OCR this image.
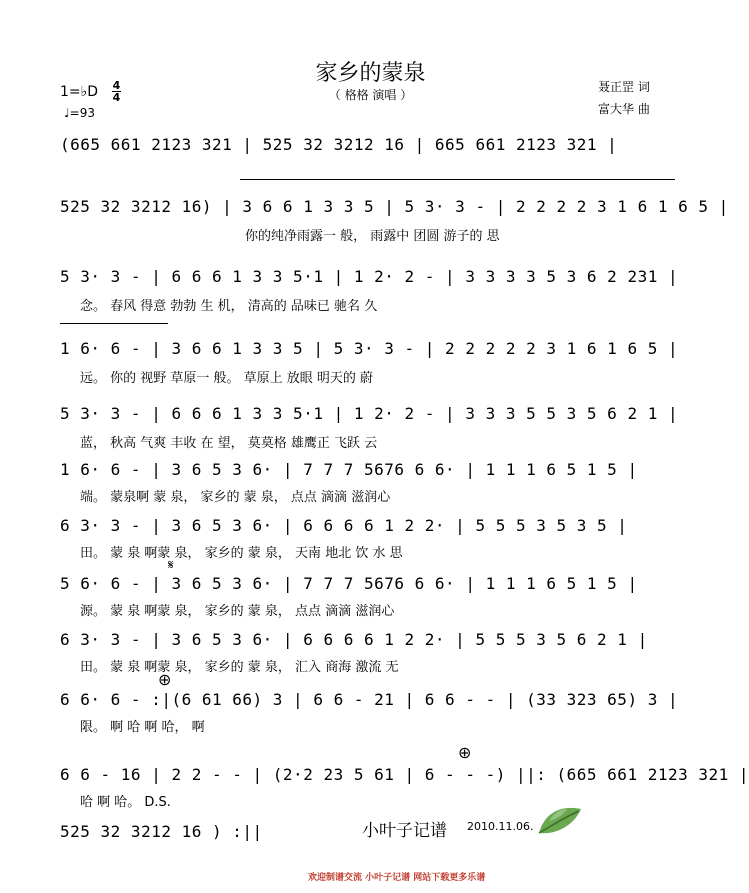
家乡的蒙泉
（ 格格 演唱 ）
1=♭D 4
4
♩=93
聂正罡 词
富大华 曲
(665 661 2123 321 | 525 32 3212 16 | 665 661 2123 321 |
525 32 3212 16) | 3 6 6 1 3 3 5 | 5 3· 3 - | 2 2 2 2 3 1 6 1 6 5 |
你的纯净雨露一 般， 雨露中 团圆 游子的 思
5 3· 3 - | 6 6 6 1 3 3 5·1 | 1 2· 2 - | 3 3 3 3 5 3 6 2 231 |
念。 春风 得意 勃勃 生 机， 清高的 品味已 驰名 久
1 6· 6 - | 3 6 6 1 3 3 5 | 5 3· 3 - | 2 2 2 2 2 3 1 6 1 6 5 |
远。 你的 视野 草原一 般。 草原上 放眼 明天的 蔚
5 3· 3 - | 6 6 6 1 3 3 5·1 | 1 2· 2 - | 3 3 3 5 5 3 5 6 2 1 |
蓝， 秋高 气爽 丰收 在 望， 莫莫格 雄鹰正 飞跃 云
1 6· 6 - | 3 6 5 3 6· | 7 7 7 5676 6 6· | 1 1 1 6 5 1 5 |
端。 蒙泉啊 蒙 泉， 家乡的 蒙 泉， 点点 滴滴 滋润心
6 3· 3 - | 3 6 5 3 6· | 6 6 6 6 1 2 2· | 5 5 5 3 5 3 5 |
田。 蒙 泉 啊蒙 泉， 家乡的 蒙 泉， 天南 地北 饮 水 思
𝄋
5 6· 6 - | 3 6 5 3 6· | 7 7 7 5676 6 6· | 1 1 1 6 5 1 5 |
源。 蒙 泉 啊蒙 泉， 家乡的 蒙 泉， 点点 滴滴 滋润心
6 3· 3 - | 3 6 5 3 6· | 6 6 6 6 1 2 2· | 5 5 5 3 5 6 2 1 |
田。 蒙 泉 啊蒙 泉， 家乡的 蒙 泉， 汇入 商海 激流 无
⊕
6 6· 6 - :|(6 61 66) 3 | 6 6 - 21 | 6 6 - - | (33 323 65) 3 |
限。 啊 哈 啊 哈， 啊
⊕
6 6 - 16 | 2 2 - - | (2·2 23 5 61 | 6 - - -) ||: (665 661 2123 321 |
哈 啊 哈。 D.S.
525 32 3212 16 ) :||	小叶子记谱 2010.11.06.
欢迎制谱交流 小叶子记谱 网站下载更多乐谱
